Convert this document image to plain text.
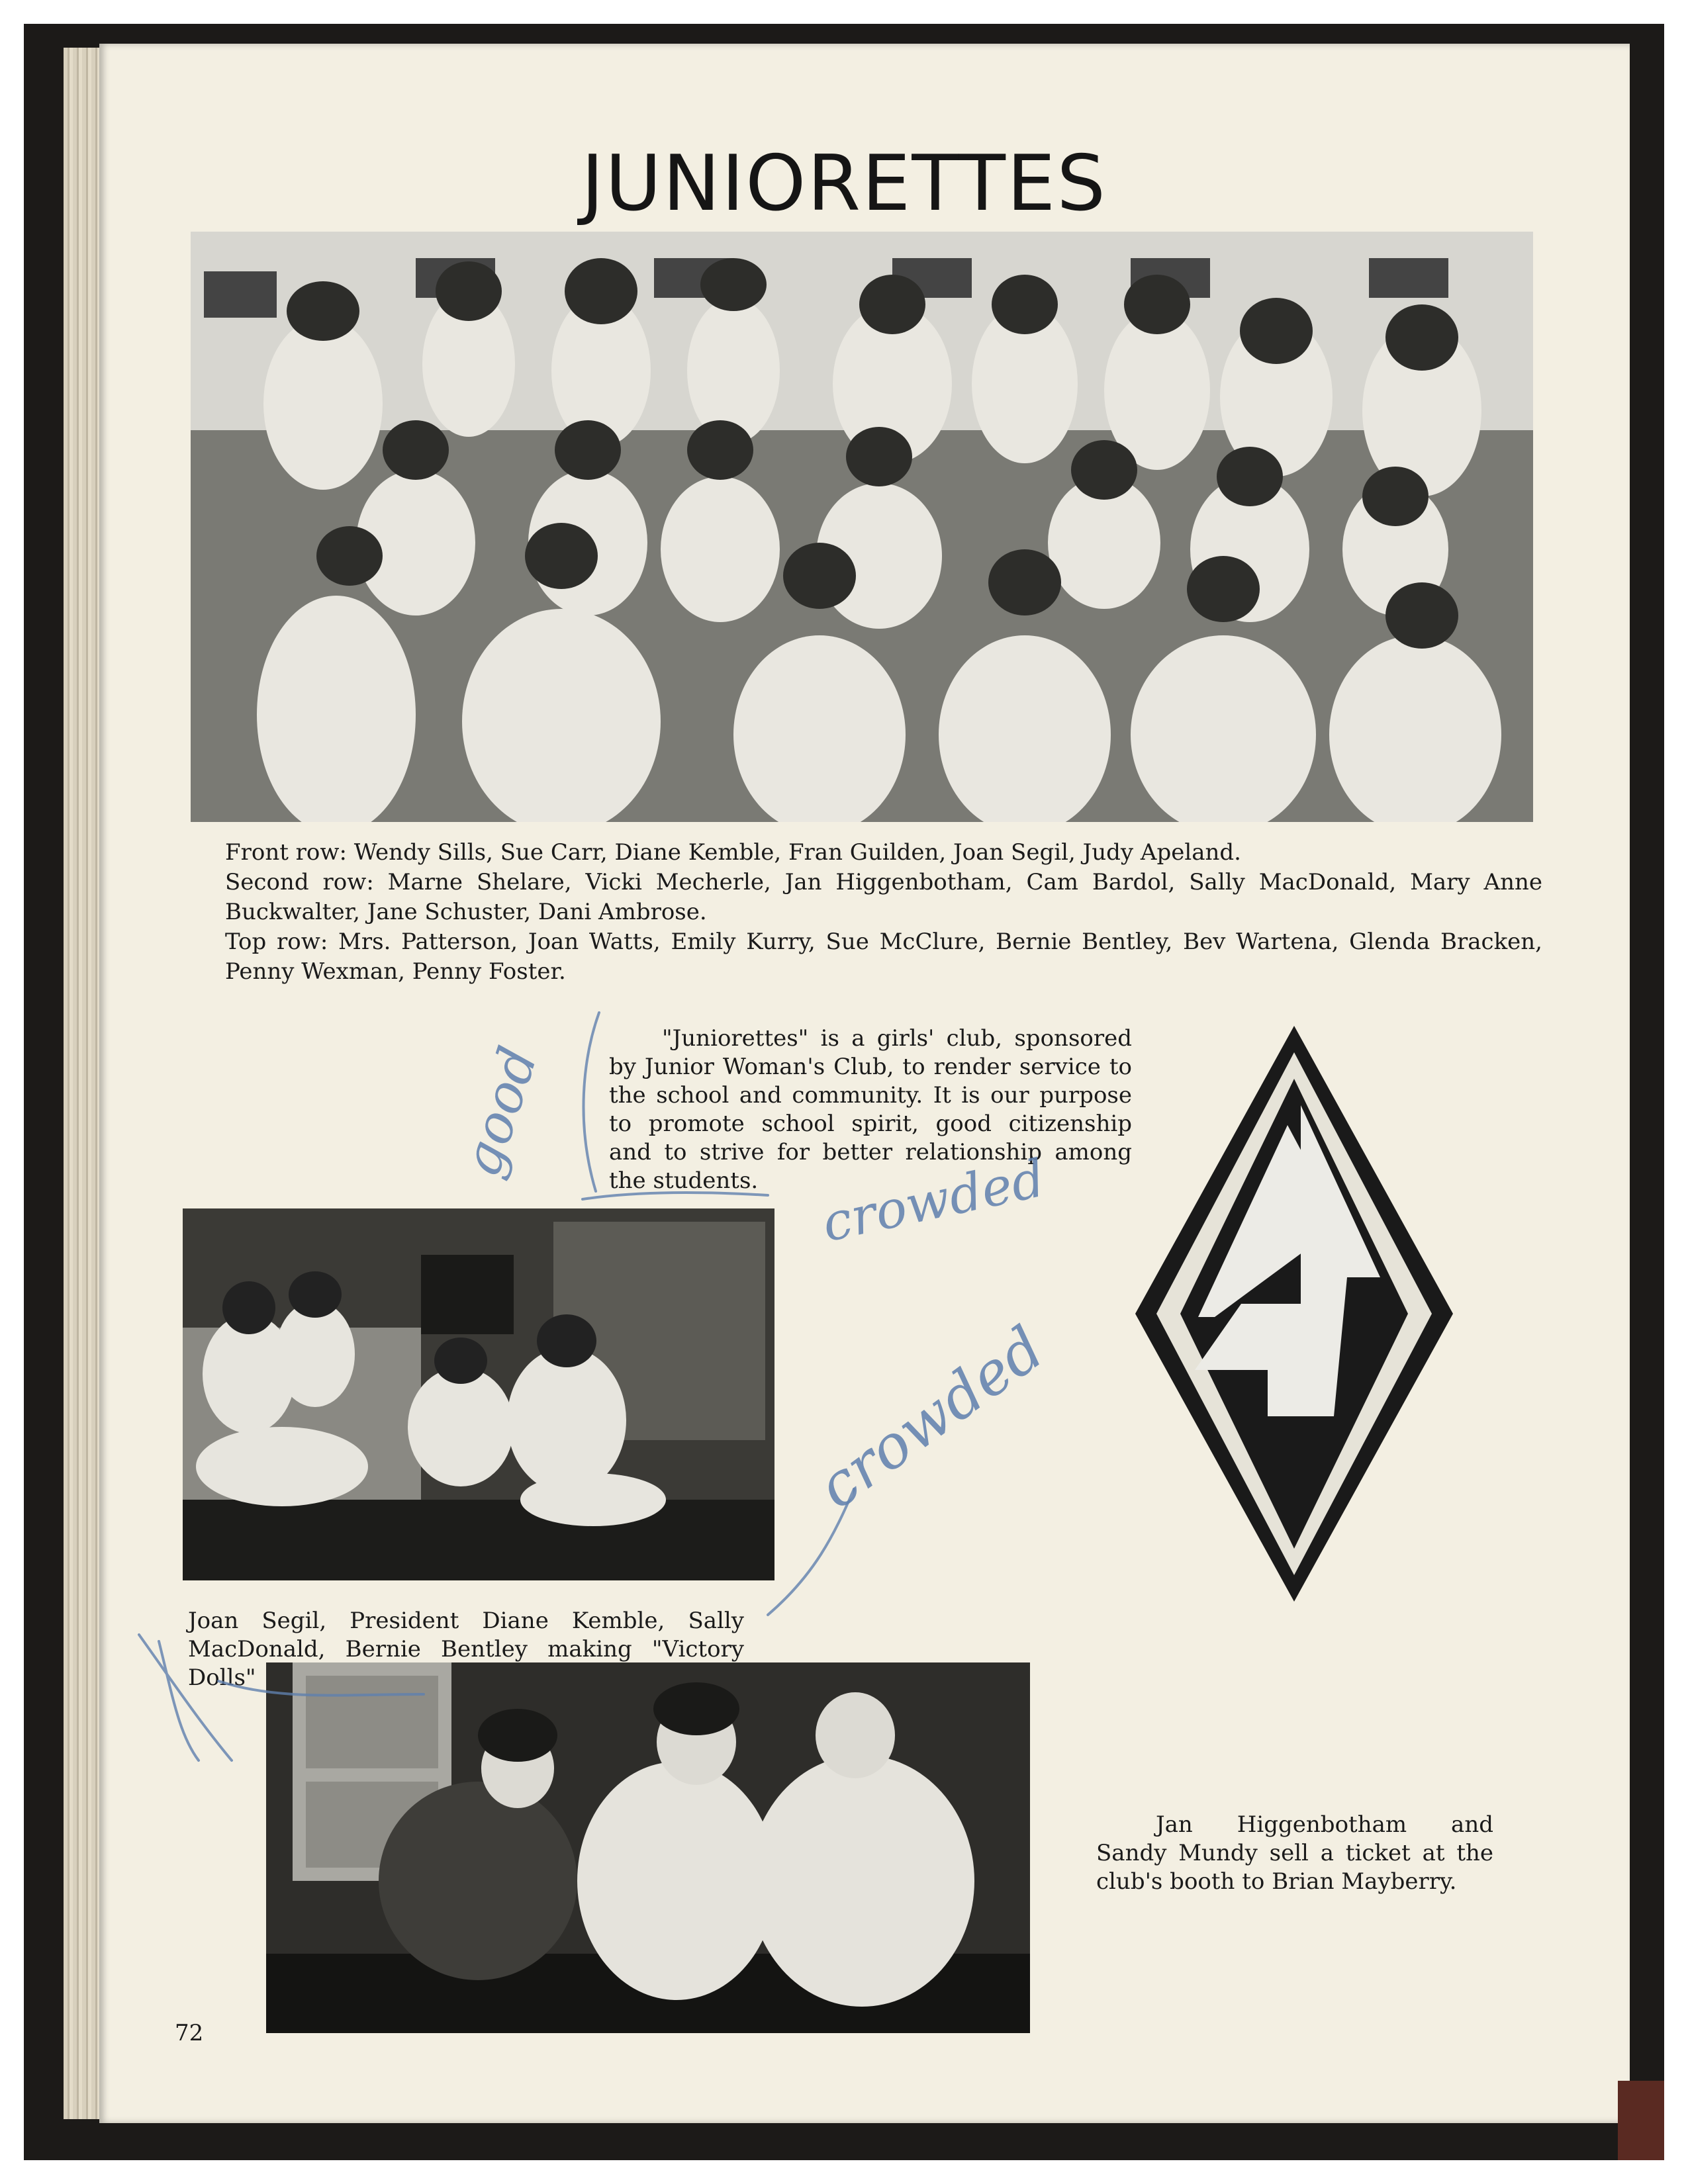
JUNIORETTES

Front row: Wendy Sills, Sue Carr, Diane Kemble, Fran Guilden, Joan Segil, Judy Apeland.

Second row: Marne Shelare, Vicki Mecherle, Jan Higgenbotham, Cam Bardol, Sally MacDonald, Mary Anne Buckwalter, Jane Schuster, Dani Ambrose.

Top row: Mrs. Patterson, Joan Watts, Emily Kurry, Sue McClure, Bernie Bentley, Bev Wartena, Glenda Bracken, Penny Wexman, Penny Foster.

"Juniorettes" is a girls' club, sponsored by Junior Woman's Club, to render service to the school and community. It is our purpose to promote school spirit, good citizenship and to strive for better relationship among the students.

Joan Segil, President Diane Kemble, Sally MacDonald, Bernie Bentley making "Victory Dolls"

Jan Higgenbotham and Sandy Mundy sell a ticket at the club's booth to Brian Mayberry.

72
good
crowded
crowded
